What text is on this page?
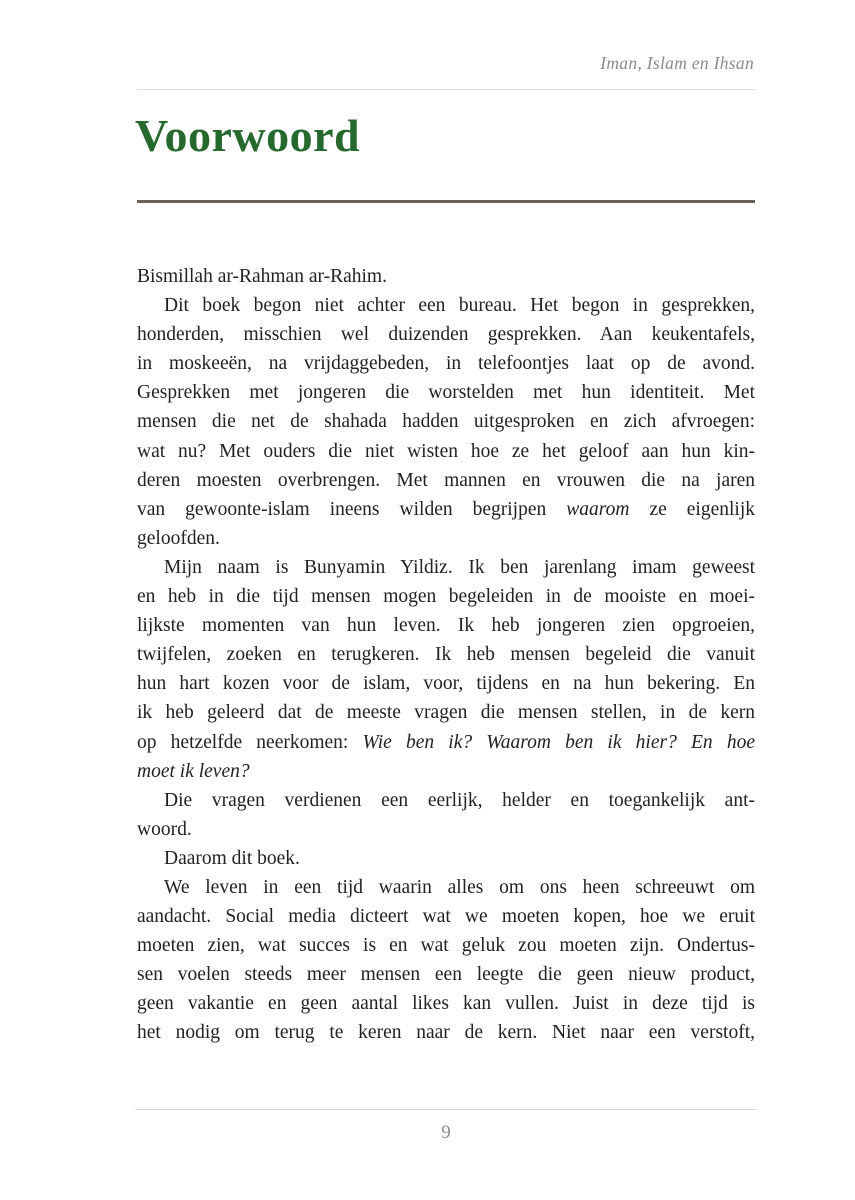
Iman, Islam en Ihsan
Voorwoord
Bismillah ar-Rahman ar-Rahim.
Dit boek begon niet achter een bureau. Het begon in gesprekken,
honderden, misschien wel duizenden gesprekken. Aan keukentafels,
in moskeeën, na vrijdaggebeden, in telefoontjes laat op de avond.
Gesprekken met jongeren die worstelden met hun identiteit. Met
mensen die net de shahada hadden uitgesproken en zich afvroegen:
wat nu? Met ouders die niet wisten hoe ze het geloof aan hun kin-
deren moesten overbrengen. Met mannen en vrouwen die na jaren
van gewoonte-islam ineens wilden begrijpen waarom ze eigenlijk
geloofden.
Mijn naam is Bunyamin Yildiz. Ik ben jarenlang imam geweest
en heb in die tijd mensen mogen begeleiden in de mooiste en moei-
lijkste momenten van hun leven. Ik heb jongeren zien opgroeien,
twijfelen, zoeken en terugkeren. Ik heb mensen begeleid die vanuit
hun hart kozen voor de islam, voor, tijdens en na hun bekering. En
ik heb geleerd dat de meeste vragen die mensen stellen, in de kern
op hetzelfde neerkomen: Wie ben ik? Waarom ben ik hier? En hoe
moet ik leven?
Die vragen verdienen een eerlijk, helder en toegankelijk ant-
woord.
Daarom dit boek.
We leven in een tijd waarin alles om ons heen schreeuwt om
aandacht. Social media dicteert wat we moeten kopen, hoe we eruit
moeten zien, wat succes is en wat geluk zou moeten zijn. Ondertus-
sen voelen steeds meer mensen een leegte die geen nieuw product,
geen vakantie en geen aantal likes kan vullen. Juist in deze tijd is
het nodig om terug te keren naar de kern. Niet naar een verstoft,
9
